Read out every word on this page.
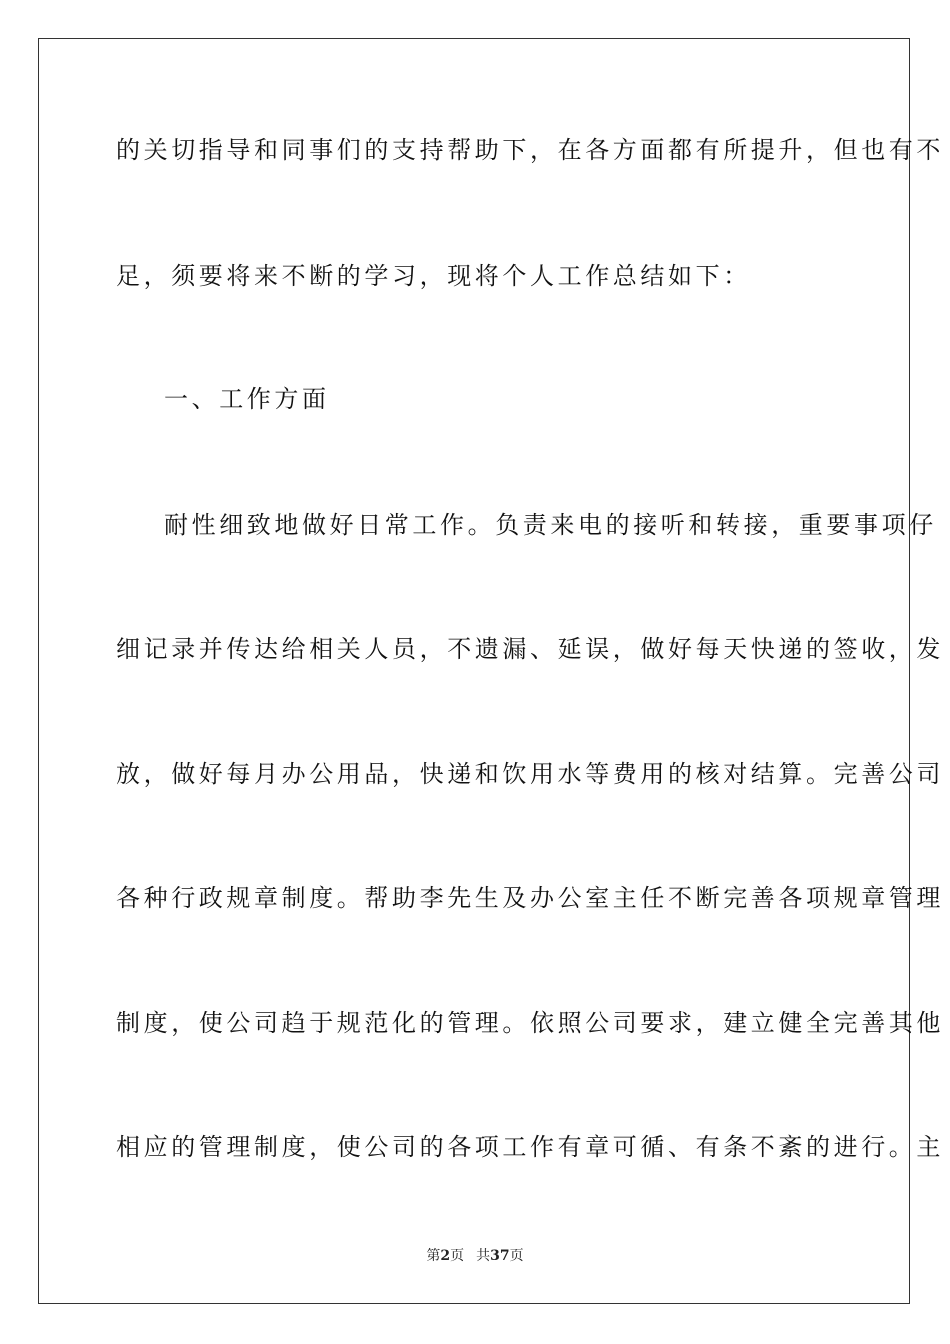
的关切指导和同事们的支持帮助下，在各方面都有所提升，但也有不
足，须要将来不断的学习，现将个人工作总结如下：
一、工作方面
耐性细致地做好日常工作。负责来电的接听和转接，重要事项仔
细记录并传达给相关人员，不遗漏、延误，做好每天快递的签收，发
放，做好每月办公用品，快递和饮用水等费用的核对结算。完善公司
各种行政规章制度。帮助李先生及办公室主任不断完善各项规章管理
制度，使公司趋于规范化的管理。依照公司要求，建立健全完善其他
相应的管理制度，使公司的各项工作有章可循、有条不紊的进行。主
第2页 共37页
